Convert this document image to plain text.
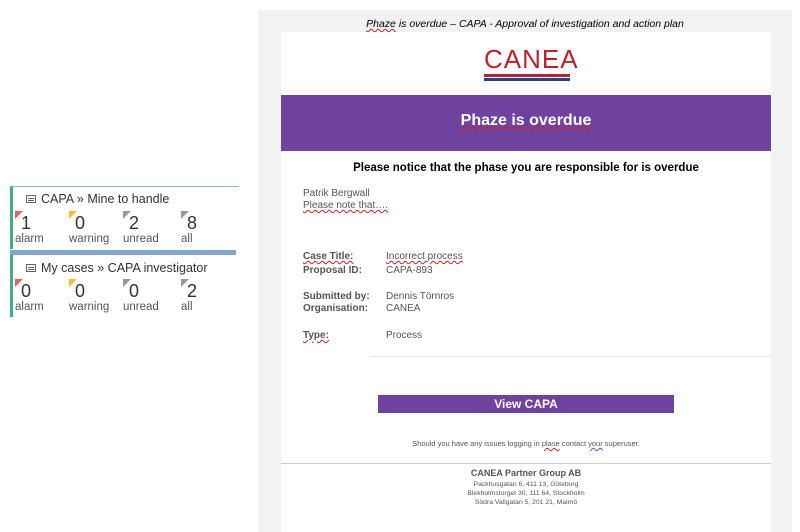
CAPA » Mine to handle
1
alarm
0
warning
2
unread
8
all
My cases » CAPA investigator
0
alarm
0
warning
0
unread
2
all
Phaze is overdue – CAPA - Approval of investigation and action plan
CANEA
Phaze is overdue
Please notice that the phase you are responsible for is overdue
Patrik Bergwall
Please note that….
Case Title:	Incorrect process
Proposal ID: CAPA-893
Submitted by: Dennis Törnros
Organisation: CANEA
Type:	Process
View CAPA
Should you have any issues logging in plase contact your superuser.
CANEA Partner Group AB
Packhusgatan 6, 411 13, Göteborg
Blekholmstorget 30, 111 64, Stockholm
Södra Vallgatan 5, 201 21, Malmö
